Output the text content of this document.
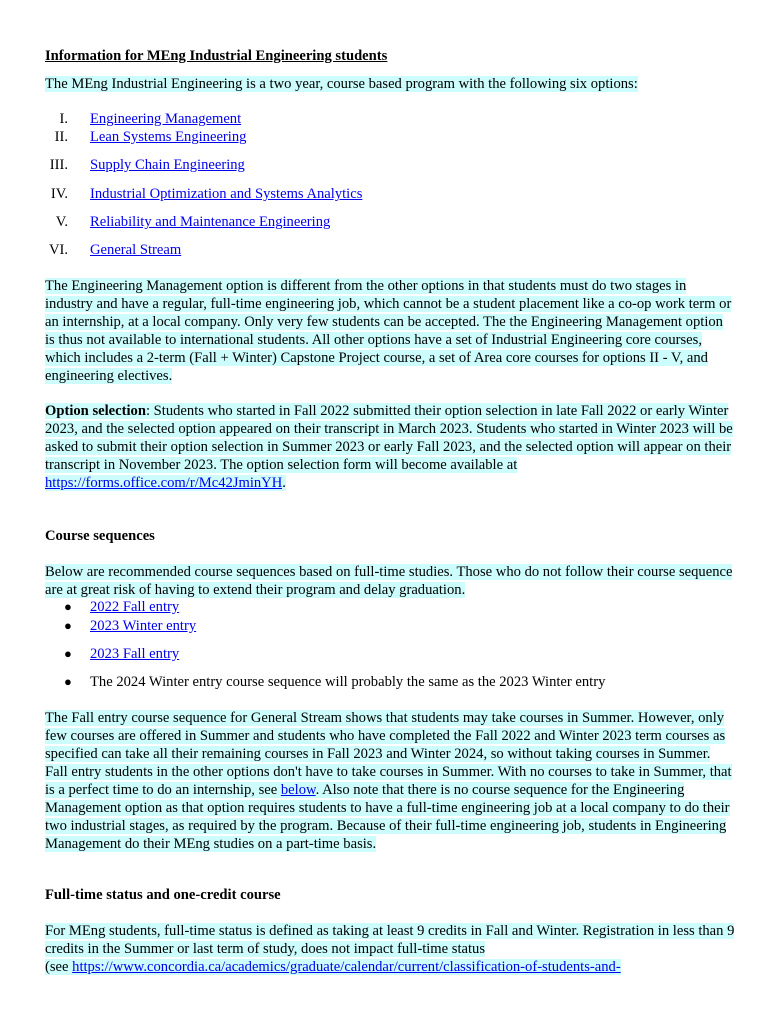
Information for MEng Industrial Engineering students

The MEng Industrial Engineering is a two year, course based program with the following six options:

I. Engineering Management
II. Lean Systems Engineering
III. Supply Chain Engineering
IV. Industrial Optimization and Systems Analytics
V. Reliability and Maintenance Engineering
VI. General Stream

The Engineering Management option is different from the other options in that students must do two stages in industry and have a regular, full-time engineering job, which cannot be a student placement like a co-op work term or an internship, at a local company. Only very few students can be accepted. The the Engineering Management option is thus not available to international students. All other options have a set of Industrial Engineering core courses, which includes a 2-term (Fall + Winter) Capstone Project course, a set of Area core courses for options II - V, and engineering electives.

Option selection: Students who started in Fall 2022 submitted their option selection in late Fall 2022 or early Winter 2023, and the selected option appeared on their transcript in March 2023. Students who started in Winter 2023 will be asked to submit their option selection in Summer 2023 or early Fall 2023, and the selected option will appear on their transcript in November 2023. The option selection form will become available at https://forms.office.com/r/Mc42JminYH.

Course sequences

Below are recommended course sequences based on full-time studies. Those who do not follow their course sequence are at great risk of having to extend their program and delay graduation.

● 2022 Fall entry
● 2023 Winter entry
● 2023 Fall entry
● The 2024 Winter entry course sequence will probably the same as the 2023 Winter entry

The Fall entry course sequence for General Stream shows that students may take courses in Summer. However, only few courses are offered in Summer and students who have completed the Fall 2022 and Winter 2023 term courses as specified can take all their remaining courses in Fall 2023 and Winter 2024, so without taking courses in Summer. Fall entry students in the other options don't have to take courses in Summer. With no courses to take in Summer, that is a perfect time to do an internship, see below. Also note that there is no course sequence for the Engineering Management option as that option requires students to have a full-time engineering job at a local company to do their two industrial stages, as required by the program. Because of their full-time engineering job, students in Engineering Management do their MEng studies on a part-time basis.

Full-time status and one-credit course

For MEng students, full-time status is defined as taking at least 9 credits in Fall and Winter. Registration in less than 9 credits in the Summer or last term of study, does not impact full-time status
(see https://www.concordia.ca/academics/graduate/calendar/current/classification-of-students-and-
